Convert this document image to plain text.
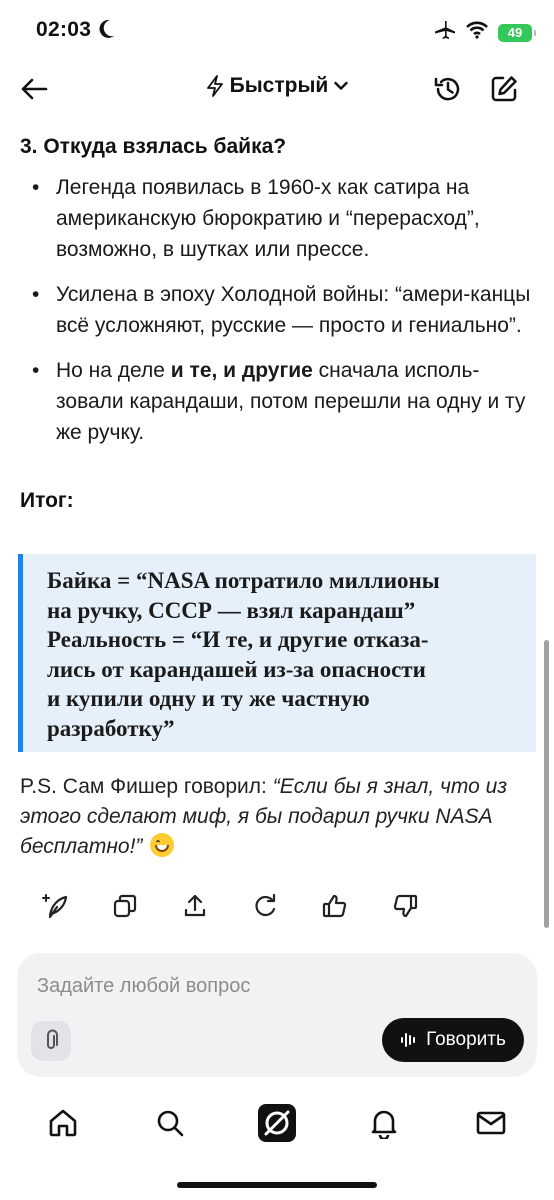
02:03	49
Быстрый
3. Откуда взялась байка?
• Легенда появилась в 1960-х как сатира на американскую бюрократию и “перерасход”, возможно, в шутках или прессе.
• Усилена в эпоху Холодной войны: “амери-канцы всё усложняют, русские — просто и гениально”.
• Но на деле и те, и другие сначала исполь-зовали карандаши, потом перешли на одну и ту же ручку.
Итог:
Байка = “NASA потратило миллионы
на ручку, СССР — взял карандаш”
Реальность = “И те, и другие отказа-
лись от карандашей из-за опасности
и купили одну и ту же частную
разработку”
P.S. Сам Фишер говорил: “Если бы я знал, что из этого сделают миф, я бы подарил ручки NASA бесплатно!”
Задайте любой вопрос
Говорить
